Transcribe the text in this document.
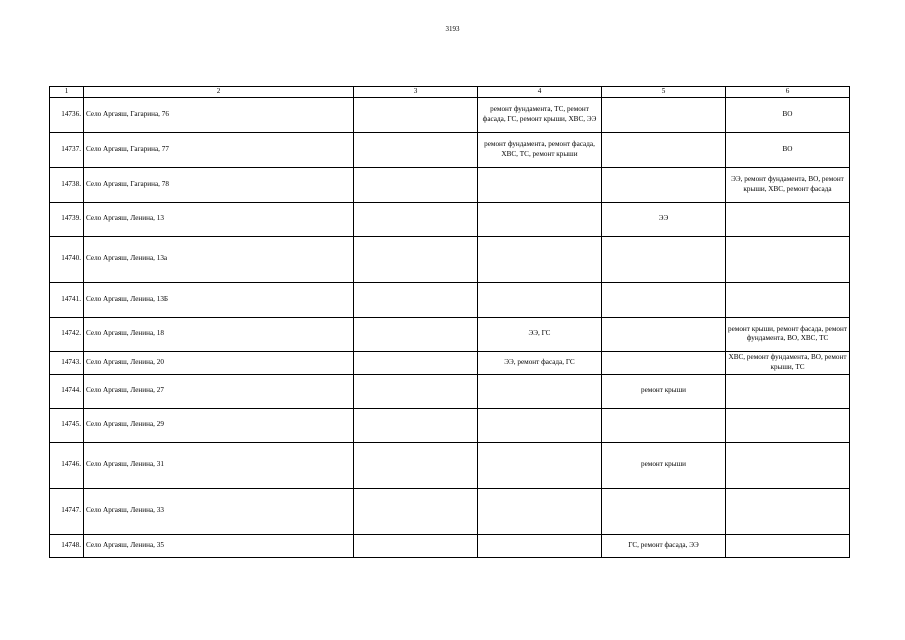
3193
1	2	3	4	5	6
14736.	Село Аргаяш, Гагарина, 76		ремонт фундамента, ТС, ремонт фасада, ГС, ремонт крыши, ХВС, ЭЭ		ВО
14737.	Село Аргаяш, Гагарина, 77		ремонт фундамента, ремонт фасада, ХВС, ТС, ремонт крыши		ВО
14738.	Село Аргаяш, Гагарина, 78				ЭЭ, ремонт фундамента, ВО, ремонт крыши, ХВС, ремонт фасада
14739.	Село Аргаяш, Ленина, 13			ЭЭ	
14740.	Село Аргаяш, Ленина, 13а				
14741.	Село Аргаяш, Ленина, 13Б				
14742.	Село Аргаяш, Ленина, 18		ЭЭ, ГС		ремонт крыши, ремонт фасада, ремонт фундамента, ВО, ХВС, ТС
14743.	Село Аргаяш, Ленина, 20		ЭЭ, ремонт фасада, ГС		ХВС, ремонт фундамента, ВО, ремонт крыши, ТС
14744.	Село Аргаяш, Ленина, 27			ремонт крыши	
14745.	Село Аргаяш, Ленина, 29				
14746.	Село Аргаяш, Ленина, 31			ремонт крыши	
14747.	Село Аргаяш, Ленина, 33				
14748.	Село Аргаяш, Ленина, 35			ГС, ремонт фасада, ЭЭ	
